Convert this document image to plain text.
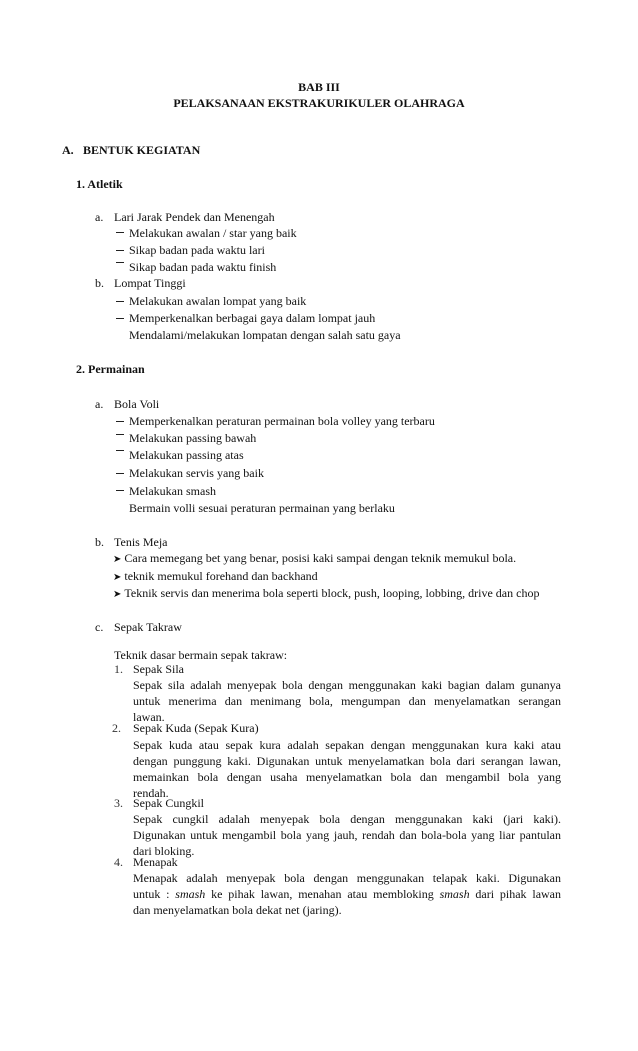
BAB III
PELAKSANAAN EKSTRAKURIKULER OLAHRAGA
A. BENTUK KEGIATAN
1. Atletik
a. Lari Jarak Pendek dan Menengah
Melakukan awalan / star yang baik
Sikap badan pada waktu lari
Sikap badan pada waktu finish
b. Lompat Tinggi
Melakukan awalan lompat yang baik
Memperkenalkan berbagai gaya dalam lompat jauh
Mendalami/melakukan lompatan dengan salah satu gaya
2. Permainan
a. Bola Voli
Memperkenalkan peraturan permainan bola volley yang terbaru
Melakukan passing bawah
Melakukan passing atas
Melakukan servis yang baik
Melakukan smash
Bermain volli sesuai peraturan permainan yang berlaku
b. Tenis Meja
➤ Cara memegang bet yang benar, posisi kaki sampai dengan teknik memukul bola.
➤ teknik memukul forehand dan backhand
➤ Teknik servis dan menerima bola seperti block, push, looping, lobbing, drive dan chop
c. Sepak Takraw
Teknik dasar bermain sepak takraw:
1. Sepak Sila
Sepak sila adalah menyepak bola dengan menggunakan kaki bagian dalam gunanya
untuk menerima dan menimang bola, mengumpan dan menyelamatkan serangan
lawan.
2. Sepak Kuda (Sepak Kura)
Sepak kuda atau sepak kura adalah sepakan dengan menggunakan kura kaki atau
dengan punggung kaki. Digunakan untuk menyelamatkan bola dari serangan lawan,
memainkan bola dengan usaha menyelamatkan bola dan mengambil bola yang
rendah.
3. Sepak Cungkil
Sepak cungkil adalah menyepak bola dengan menggunakan kaki (jari kaki).
Digunakan untuk mengambil bola yang jauh, rendah dan bola-bola yang liar pantulan
dari bloking.
4. Menapak
Menapak adalah menyepak bola dengan menggunakan telapak kaki. Digunakan
untuk : smash ke pihak lawan, menahan atau membloking smash dari pihak lawan
dan menyelamatkan bola dekat net (jaring).
